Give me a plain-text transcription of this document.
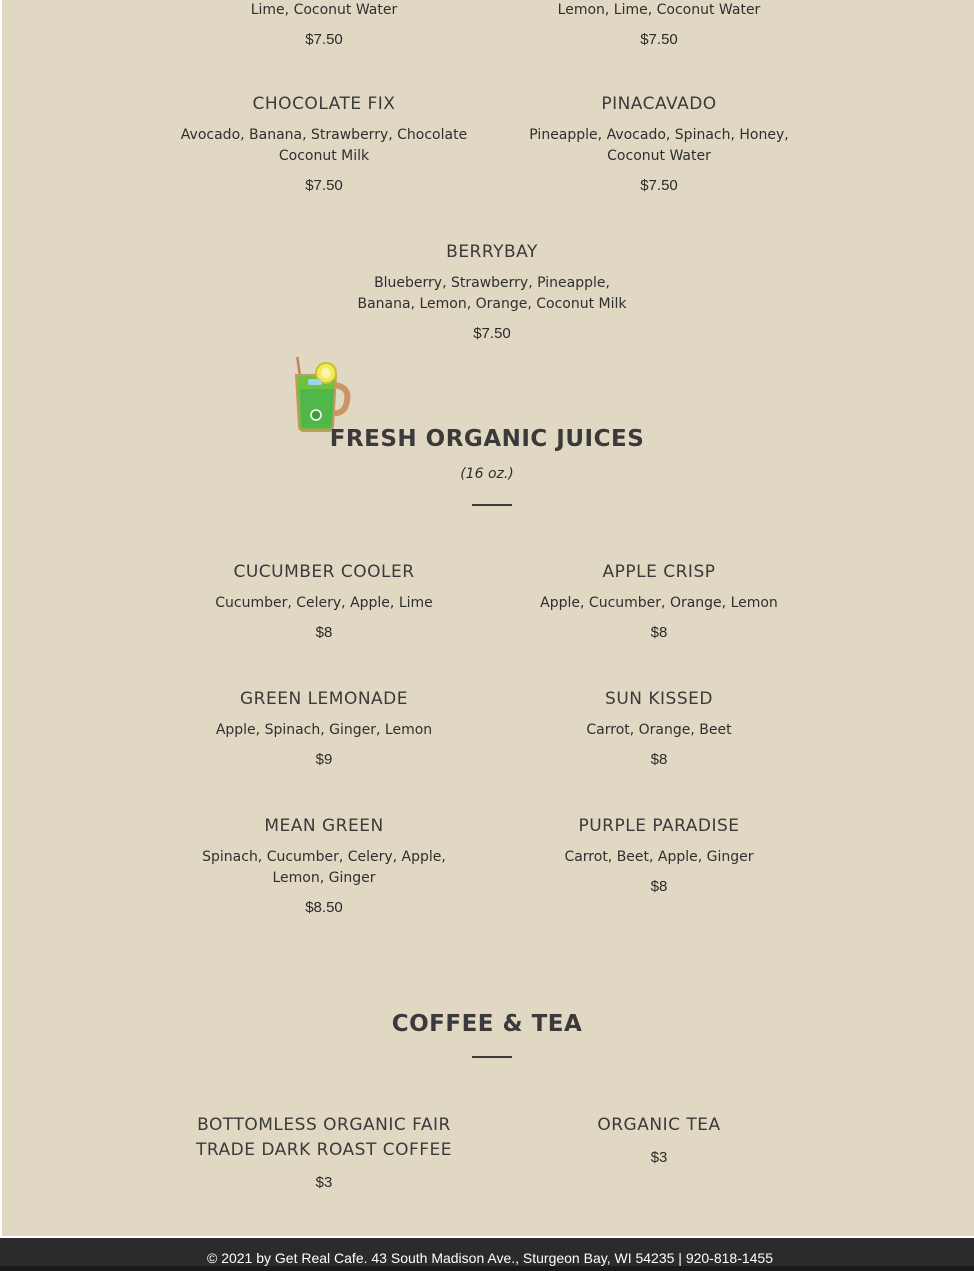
Lime, Coconut Water

$7.50

Lemon, Lime, Coconut Water

$7.50

CHOCOLATE FIX

Avocado, Banana, Strawberry, Chocolate Coconut Milk

$7.50

PINACAVADO

Pineapple, Avocado, Spinach, Honey, Coconut Water

$7.50

BERRYBAY

Blueberry, Strawberry, Pineapple, Banana, Lemon, Orange, Coconut Milk

$7.50

FRESH ORGANIC JUICES
(16 oz.)

CUCUMBER COOLER

Cucumber, Celery, Apple, Lime

$8

APPLE CRISP

Apple, Cucumber, Orange, Lemon

$8

GREEN LEMONADE

Apple, Spinach, Ginger, Lemon

$9

SUN KISSED

Carrot, Orange, Beet

$8

MEAN GREEN

Spinach, Cucumber, Celery, Apple, Lemon, Ginger

$8.50

PURPLE PARADISE

Carrot, Beet, Apple, Ginger

$8

COFFEE & TEA

BOTTOMLESS ORGANIC FAIR TRADE DARK ROAST COFFEE

$3

ORGANIC TEA

$3

© 2021 by Get Real Cafe. 43 South Madison Ave., Sturgeon Bay, WI 54235 | 920-818-1455
